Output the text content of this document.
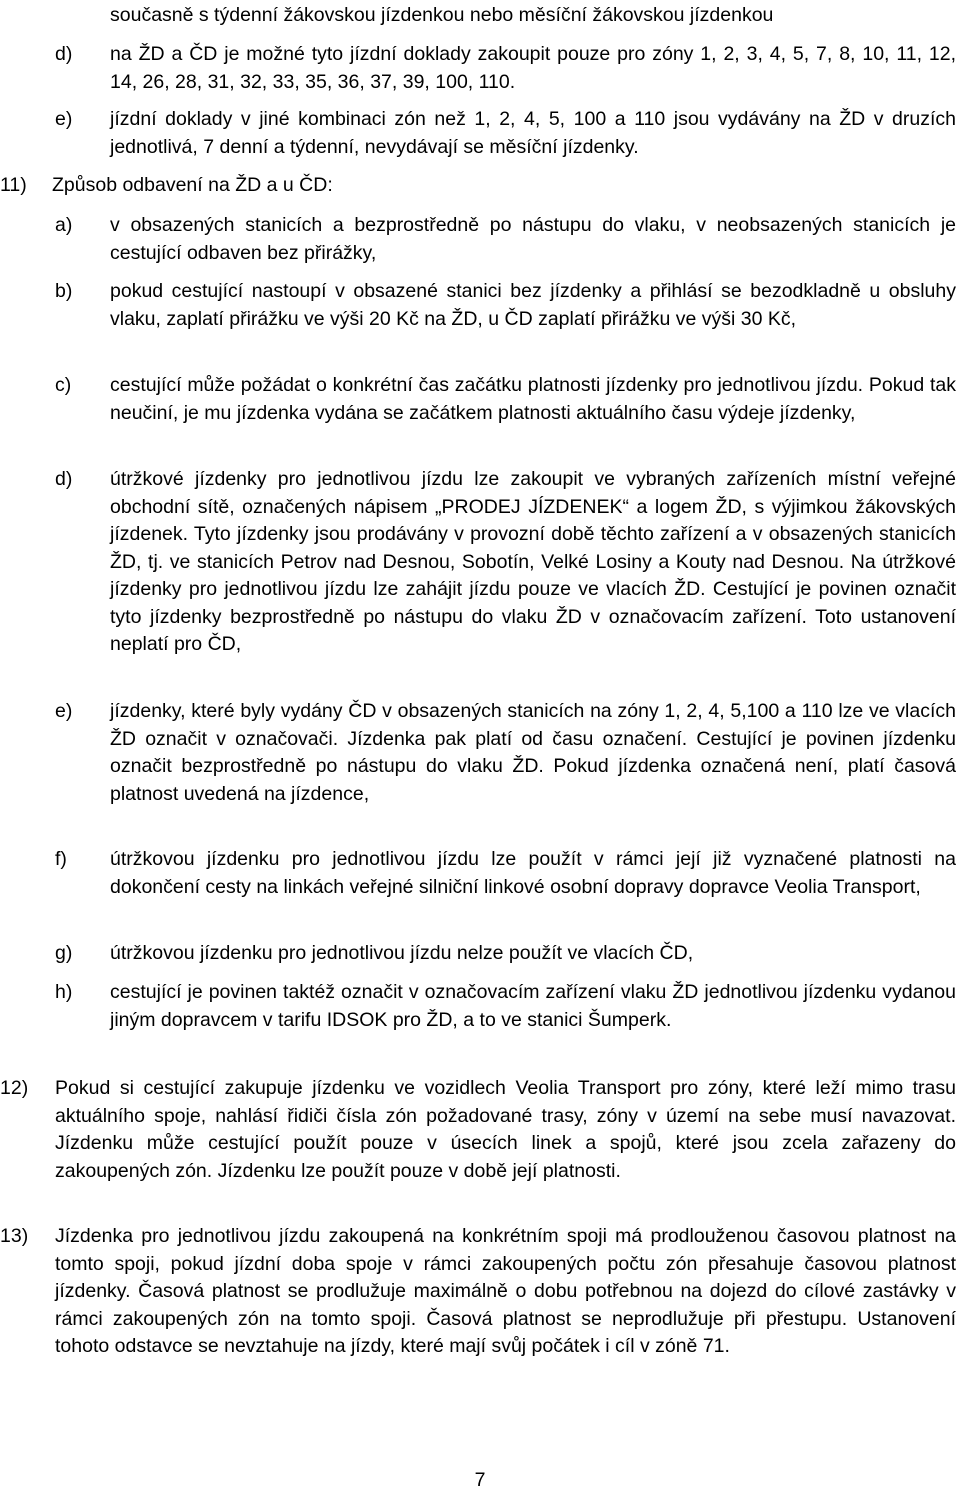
současně s týdenní žákovskou jízdenkou nebo měsíční žákovskou jízdenkou

d)	na ŽD a ČD je možné tyto jízdní doklady zakoupit pouze pro zóny 1, 2, 3, 4, 5, 7, 8, 10, 11, 12, 14, 26, 28, 31, 32, 33, 35, 36, 37, 39, 100, 110.

e)	jízdní doklady v jiné kombinaci zón než 1, 2, 4, 5, 100 a 110 jsou vydávány na ŽD v druzích jednotlivá, 7 denní a týdenní, nevydávají se měsíční jízdenky.

11)	Způsob odbavení na ŽD a u ČD:
a)	v obsazených stanicích a bezprostředně po nástupu do vlaku, v neobsazených stanicích je cestující odbaven bez přirážky,

b)	pokud cestující nastoupí v obsazené stanici bez jízdenky a přihlásí se bezodkladně u obsluhy vlaku, zaplatí přirážku ve výši 20 Kč na ŽD, u ČD zaplatí přirážku ve výši 30 Kč,

c)	cestující může požádat o konkrétní čas začátku platnosti jízdenky pro jednotlivou jízdu. Pokud tak neučiní, je mu jízdenka vydána se začátkem platnosti aktuálního času výdeje jízdenky,

d)	útržkové jízdenky pro jednotlivou jízdu lze zakoupit ve vybraných zařízeních místní veřejné obchodní sítě, označených nápisem „PRODEJ JÍZDENEK“ a logem ŽD, s výjimkou žákovských jízdenek. Tyto jízdenky jsou prodávány v provozní době těchto zařízení a v obsazených stanicích ŽD, tj. ve stanicích Petrov nad Desnou, Sobotín, Velké Losiny a Kouty nad Desnou. Na útržkové jízdenky pro jednotlivou jízdu lze zahájit jízdu pouze ve vlacích ŽD. Cestující je povinen označit tyto jízdenky bezprostředně po nástupu do vlaku ŽD v označovacím zařízení. Toto ustanovení neplatí pro ČD,

e)	jízdenky, které byly vydány ČD v obsazených stanicích na zóny 1, 2, 4, 5,100 a 110 lze ve vlacích ŽD označit v označovači. Jízdenka pak platí od času označení. Cestující je povinen jízdenku označit bezprostředně po nástupu do vlaku ŽD. Pokud jízdenka označená není, platí časová platnost uvedená na jízdence,

f)	útržkovou jízdenku pro jednotlivou jízdu lze použít v rámci její již vyznačené platnosti na dokončení cesty na linkách veřejné silniční linkové osobní dopravy dopravce Veolia Transport,

g)	útržkovou jízdenku pro jednotlivou jízdu nelze použít ve vlacích ČD,

h)	cestující je povinen taktéž označit v označovacím zařízení vlaku ŽD jednotlivou jízdenku vydanou jiným dopravcem v tarifu IDSOK pro ŽD, a to ve stanici Šumperk.

12)	Pokud si cestující zakupuje jízdenku ve vozidlech Veolia Transport pro zóny, které leží mimo trasu aktuálního spoje, nahlásí řidiči čísla zón požadované trasy, zóny v území na sebe musí navazovat. Jízdenku může cestující použít pouze v úsecích linek a spojů, které jsou zcela zařazeny do zakoupených zón. Jízdenku lze použít pouze v době její platnosti.

13)	Jízdenka pro jednotlivou jízdu zakoupená na konkrétním spoji má prodlouženou časovou platnost na tomto spoji, pokud jízdní doba spoje v rámci zakoupených počtu zón přesahuje časovou platnost jízdenky. Časová platnost se prodlužuje maximálně o dobu potřebnou na dojezd do cílové zastávky v rámci zakoupených zón na tomto spoji. Časová platnost se neprodlužuje při přestupu. Ustanovení tohoto odstavce se nevztahuje na jízdy, které mají svůj počátek i cíl v zóně 71.

7
